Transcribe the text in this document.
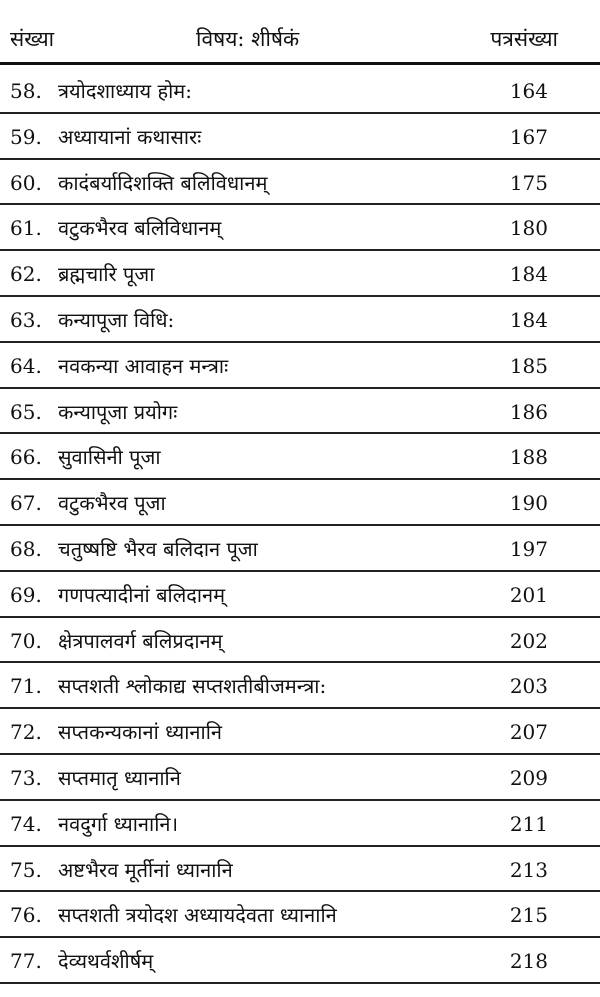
संख्या	विषय: शीर्षकं	पत्रसंख्या
58. त्रयोदशाध्याय होम:	164
59. अध्यायानां कथासारः	167
60. कादंबर्यादिशक्ति बलिविधानम्	175
61. वटुकभैरव बलिविधानम्	180
62. ब्रह्मचारि पूजा	184
63. कन्यापूजा विधि:	184
64. नवकन्या आवाहन मन्त्राः	185
65. कन्यापूजा प्रयोगः	186
66. सुवासिनी पूजा	188
67. वटुकभैरव पूजा	190
68. चतुष्षष्टि भैरव बलिदान पूजा	197
69. गणपत्यादीनां बलिदानम्	201
70. क्षेत्रपालवर्ग बलिप्रदानम्	202
71. सप्तशती श्लोकाद्य सप्तशतीबीजमन्त्रा:	203
72. सप्तकन्यकानां ध्यानानि	207
73. सप्तमातृ ध्यानानि	209
74. नवदुर्गा ध्यानानि।	211
75. अष्टभैरव मूर्तीनां ध्यानानि	213
76. सप्तशती त्रयोदश अध्यायदेवता ध्यानानि	215
77. देव्यथर्वशीर्षम्	218
